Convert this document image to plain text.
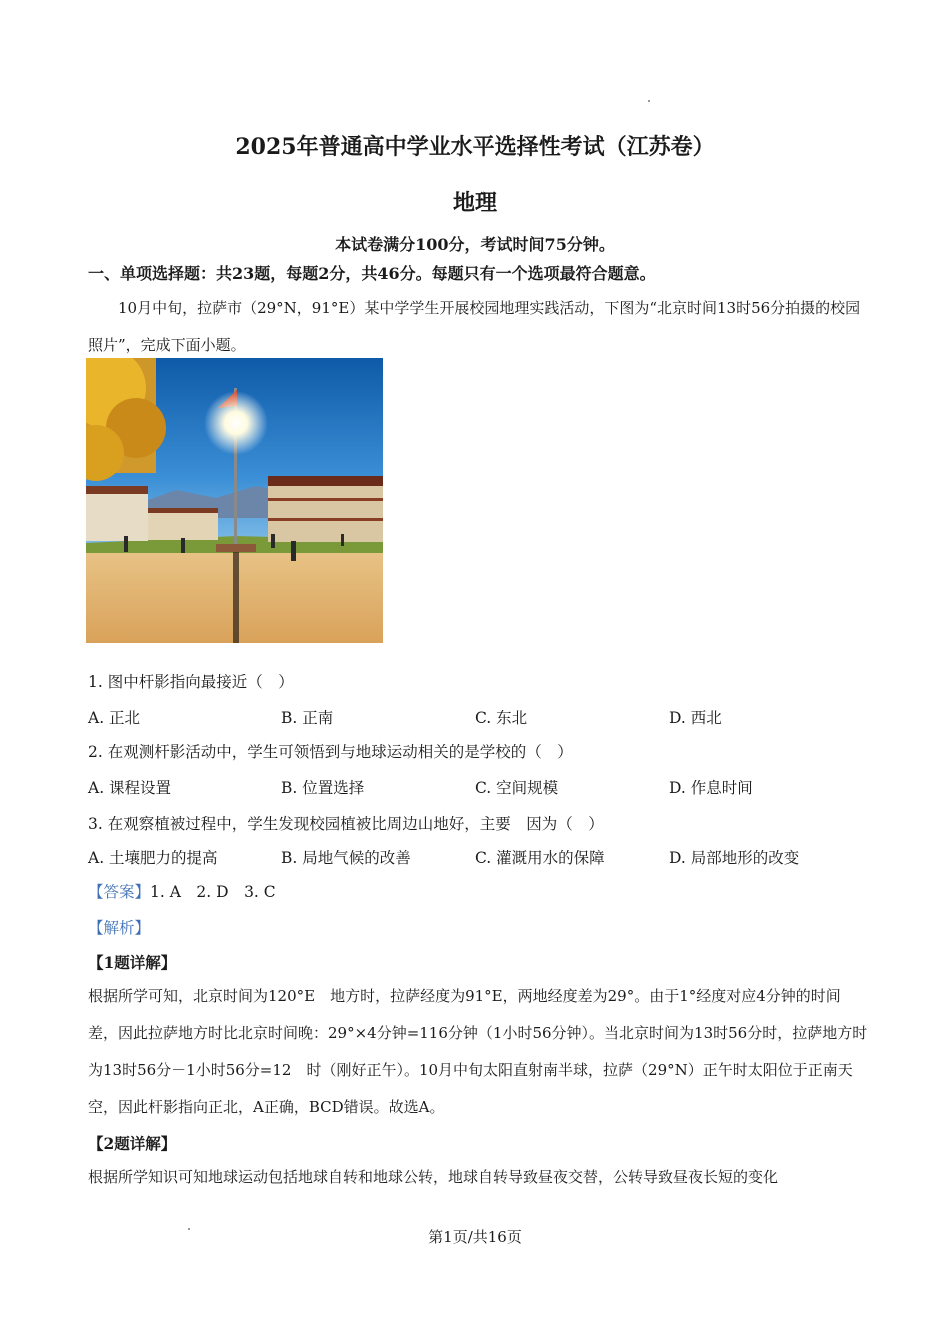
2025年普通高中学业水平选择性考试（江苏卷）
地理
本试卷满分100分，考试时间75分钟。
一、单项选择题：共23题，每题2分，共46分。每题只有一个选项最符合题意。
10月中旬，拉萨市（29°N，91°E）某中学学生开展校园地理实践活动，下图为“北京时间13时56分拍摄的校园照片”，完成下面小题。
1. 图中杆影指向最接近（　）
A. 正北	B. 正南	C. 东北	D. 西北
2. 在观测杆影活动中，学生可领悟到与地球运动相关的是学校的（　）
A. 课程设置	B. 位置选择	C. 空间规模	D. 作息时间
3. 在观察植被过程中，学生发现校园植被比周边山地好，主要　因为（　）
A. 土壤肥力的提高	B. 局地气候的改善	C. 灌溉用水的保障	D. 局部地形的改变
【答案】1. A　2. D　3. C
【解析】
【1题详解】
根据所学可知，北京时间为120°E　地方时，拉萨经度为91°E，两地经度差为29°。由于1°经度对应4分钟的时间差，因此拉萨地方时比北京时间晚：29°×4分钟=116分钟（1小时56分钟）。当北京时间为13时56分时，拉萨地方时为13时56分－1小时56分=12　时（刚好正午）。10月中旬太阳直射南半球，拉萨（29°N）正午时太阳位于正南天空，因此杆影指向正北，A正确，BCD错误。故选A。
【2题详解】
根据所学知识可知地球运动包括地球自转和地球公转，地球自转导致昼夜交替，公转导致昼夜长短的变化
第1页/共16页
